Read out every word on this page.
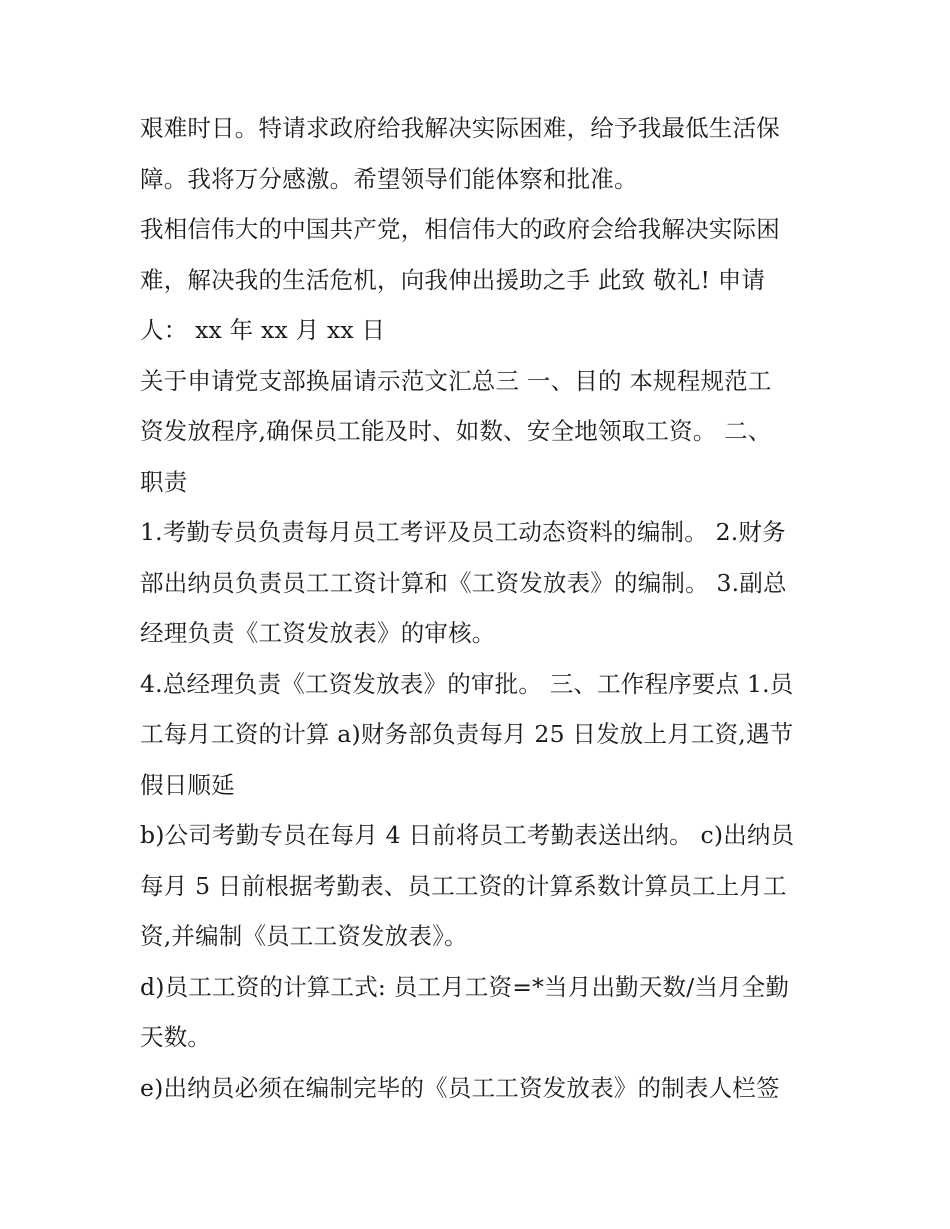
艰难时日。特请求政府给我解决实际困难，给予我最低生活保
障。我将万分感激。希望领导们能体察和批准。

我相信伟大的中国共产党，相信伟大的政府会给我解决实际困
难，解决我的生活危机，向我伸出援助之手 此致 敬礼! 申请
人： xx 年 xx 月 xx 日

关于申请党支部换届请示范文汇总三 一、目的 本规程规范工
资发放程序,确保员工能及时、如数、安全地领取工资。 二、
职责

1.考勤专员负责每月员工考评及员工动态资料的编制。 2.财务
部出纳员负责员工工资计算和《工资发放表》的编制。 3.副总
经理负责《工资发放表》的审核。

4.总经理负责《工资发放表》的审批。 三、工作程序要点 1.员
工每月工资的计算 a)财务部负责每月 25 日发放上月工资,遇节
假日顺延

b)公司考勤专员在每月 4 日前将员工考勤表送出纳。 c)出纳员
每月 5 日前根据考勤表、员工工资的计算系数计算员工上月工
资,并编制《员工工资发放表》。

d)员工工资的计算工式: 员工月工资=*当月出勤天数/当月全勤
天数。

e)出纳员必须在编制完毕的《员工工资发放表》的制表人栏签
